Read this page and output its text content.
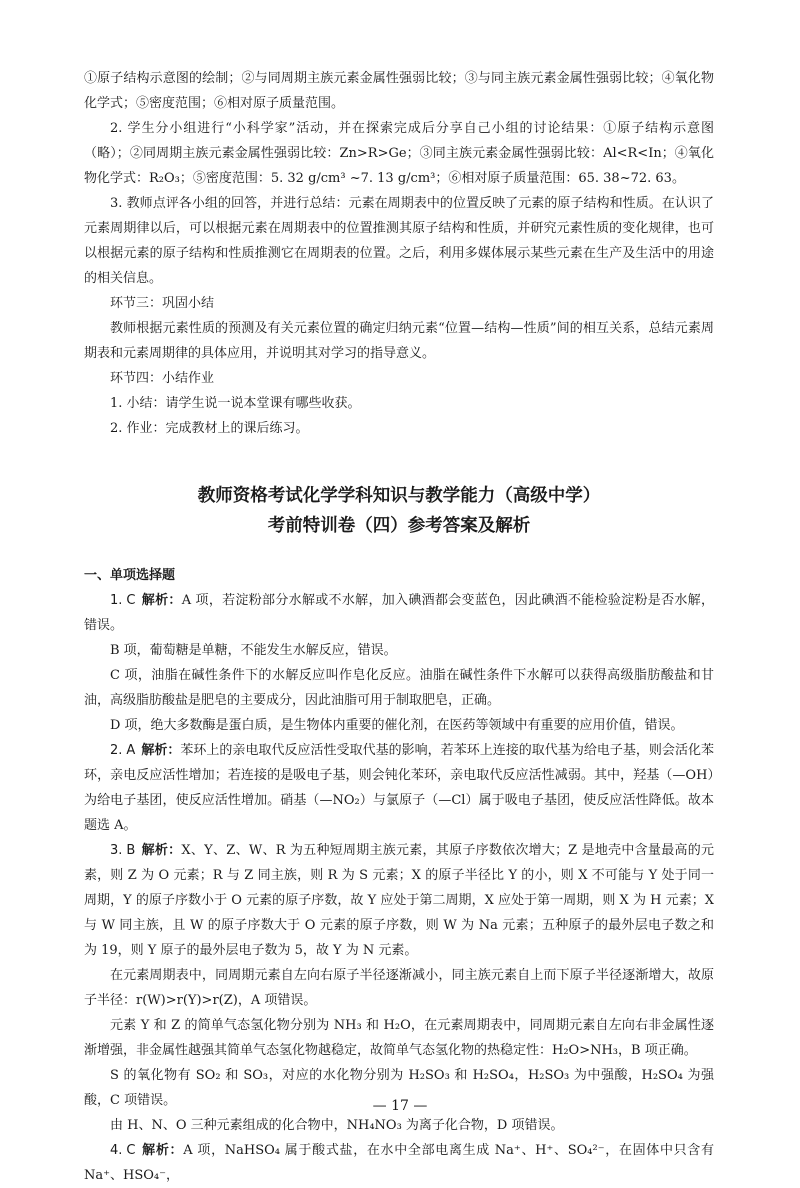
①原子结构示意图的绘制；②与同周期主族元素金属性强弱比较；③与同主族元素金属性强弱比较；④氧化物化学式；⑤密度范围；⑥相对原子质量范围。

2. 学生分小组进行“小科学家”活动，并在探索完成后分享自己小组的讨论结果：①原子结构示意图（略）；②同周期主族元素金属性强弱比较：Zn>R>Ge；③同主族元素金属性强弱比较：Al<R<In；④氧化物化学式：R₂O₃；⑤密度范围：5. 32 g/cm³ ~7. 13 g/cm³；⑥相对原子质量范围：65. 38~72. 63。

3. 教师点评各小组的回答，并进行总结：元素在周期表中的位置反映了元素的原子结构和性质。在认识了元素周期律以后，可以根据元素在周期表中的位置推测其原子结构和性质，并研究元素性质的变化规律，也可以根据元素的原子结构和性质推测它在周期表的位置。之后，利用多媒体展示某些元素在生产及生活中的用途的相关信息。

环节三：巩固小结

教师根据元素性质的预测及有关元素位置的确定归纳元素“位置—结构—性质”间的相互关系，总结元素周期表和元素周期律的具体应用，并说明其对学习的指导意义。

环节四：小结作业

1. 小结：请学生说一说本堂课有哪些收获。

2. 作业：完成教材上的课后练习。

教师资格考试化学学科知识与教学能力（高级中学）

考前特训卷（四）参考答案及解析

一、单项选择题

1. C 解析：A 项，若淀粉部分水解或不水解，加入碘酒都会变蓝色，因此碘酒不能检验淀粉是否水解，错误。

B 项，葡萄糖是单糖，不能发生水解反应，错误。

C 项，油脂在碱性条件下的水解反应叫作皂化反应。油脂在碱性条件下水解可以获得高级脂肪酸盐和甘油，高级脂肪酸盐是肥皂的主要成分，因此油脂可用于制取肥皂，正确。

D 项，绝大多数酶是蛋白质，是生物体内重要的催化剂，在医药等领域中有重要的应用价值，错误。

2. A 解析：苯环上的亲电取代反应活性受取代基的影响，若苯环上连接的取代基为给电子基，则会活化苯环，亲电反应活性增加；若连接的是吸电子基，则会钝化苯环，亲电取代反应活性减弱。其中，羟基（—OH）为给电子基团，使反应活性增加。硝基（—NO₂）与氯原子（—Cl）属于吸电子基团，使反应活性降低。故本题选 A。

3. B 解析：X、Y、Z、W、R 为五种短周期主族元素，其原子序数依次增大；Z 是地壳中含量最高的元素，则 Z 为 O 元素；R 与 Z 同主族，则 R 为 S 元素；X 的原子半径比 Y 的小，则 X 不可能与 Y 处于同一周期，Y 的原子序数小于 O 元素的原子序数，故 Y 应处于第二周期，X 应处于第一周期，则 X 为 H 元素；X 与 W 同主族，且 W 的原子序数大于 O 元素的原子序数，则 W 为 Na 元素；五种原子的最外层电子数之和为 19，则 Y 原子的最外层电子数为 5，故 Y 为 N 元素。

在元素周期表中，同周期元素自左向右原子半径逐渐减小，同主族元素自上而下原子半径逐渐增大，故原子半径：r(W)>r(Y)>r(Z)，A 项错误。

元素 Y 和 Z 的简单气态氢化物分别为 NH₃ 和 H₂O，在元素周期表中，同周期元素自左向右非金属性逐渐增强，非金属性越强其简单气态氢化物越稳定，故简单气态氢化物的热稳定性：H₂O>NH₃，B 项正确。

S 的氧化物有 SO₂ 和 SO₃，对应的水化物分别为 H₂SO₃ 和 H₂SO₄，H₂SO₃ 为中强酸，H₂SO₄ 为强酸，C 项错误。

由 H、N、O 三种元素组成的化合物中，NH₄NO₃ 为离子化合物，D 项错误。

4. C 解析：A 项，NaHSO₄ 属于酸式盐，在水中全部电离生成 Na⁺、H⁺、SO₄²⁻，在固体中只含有 Na⁺、HSO₄⁻，

— 17 —
